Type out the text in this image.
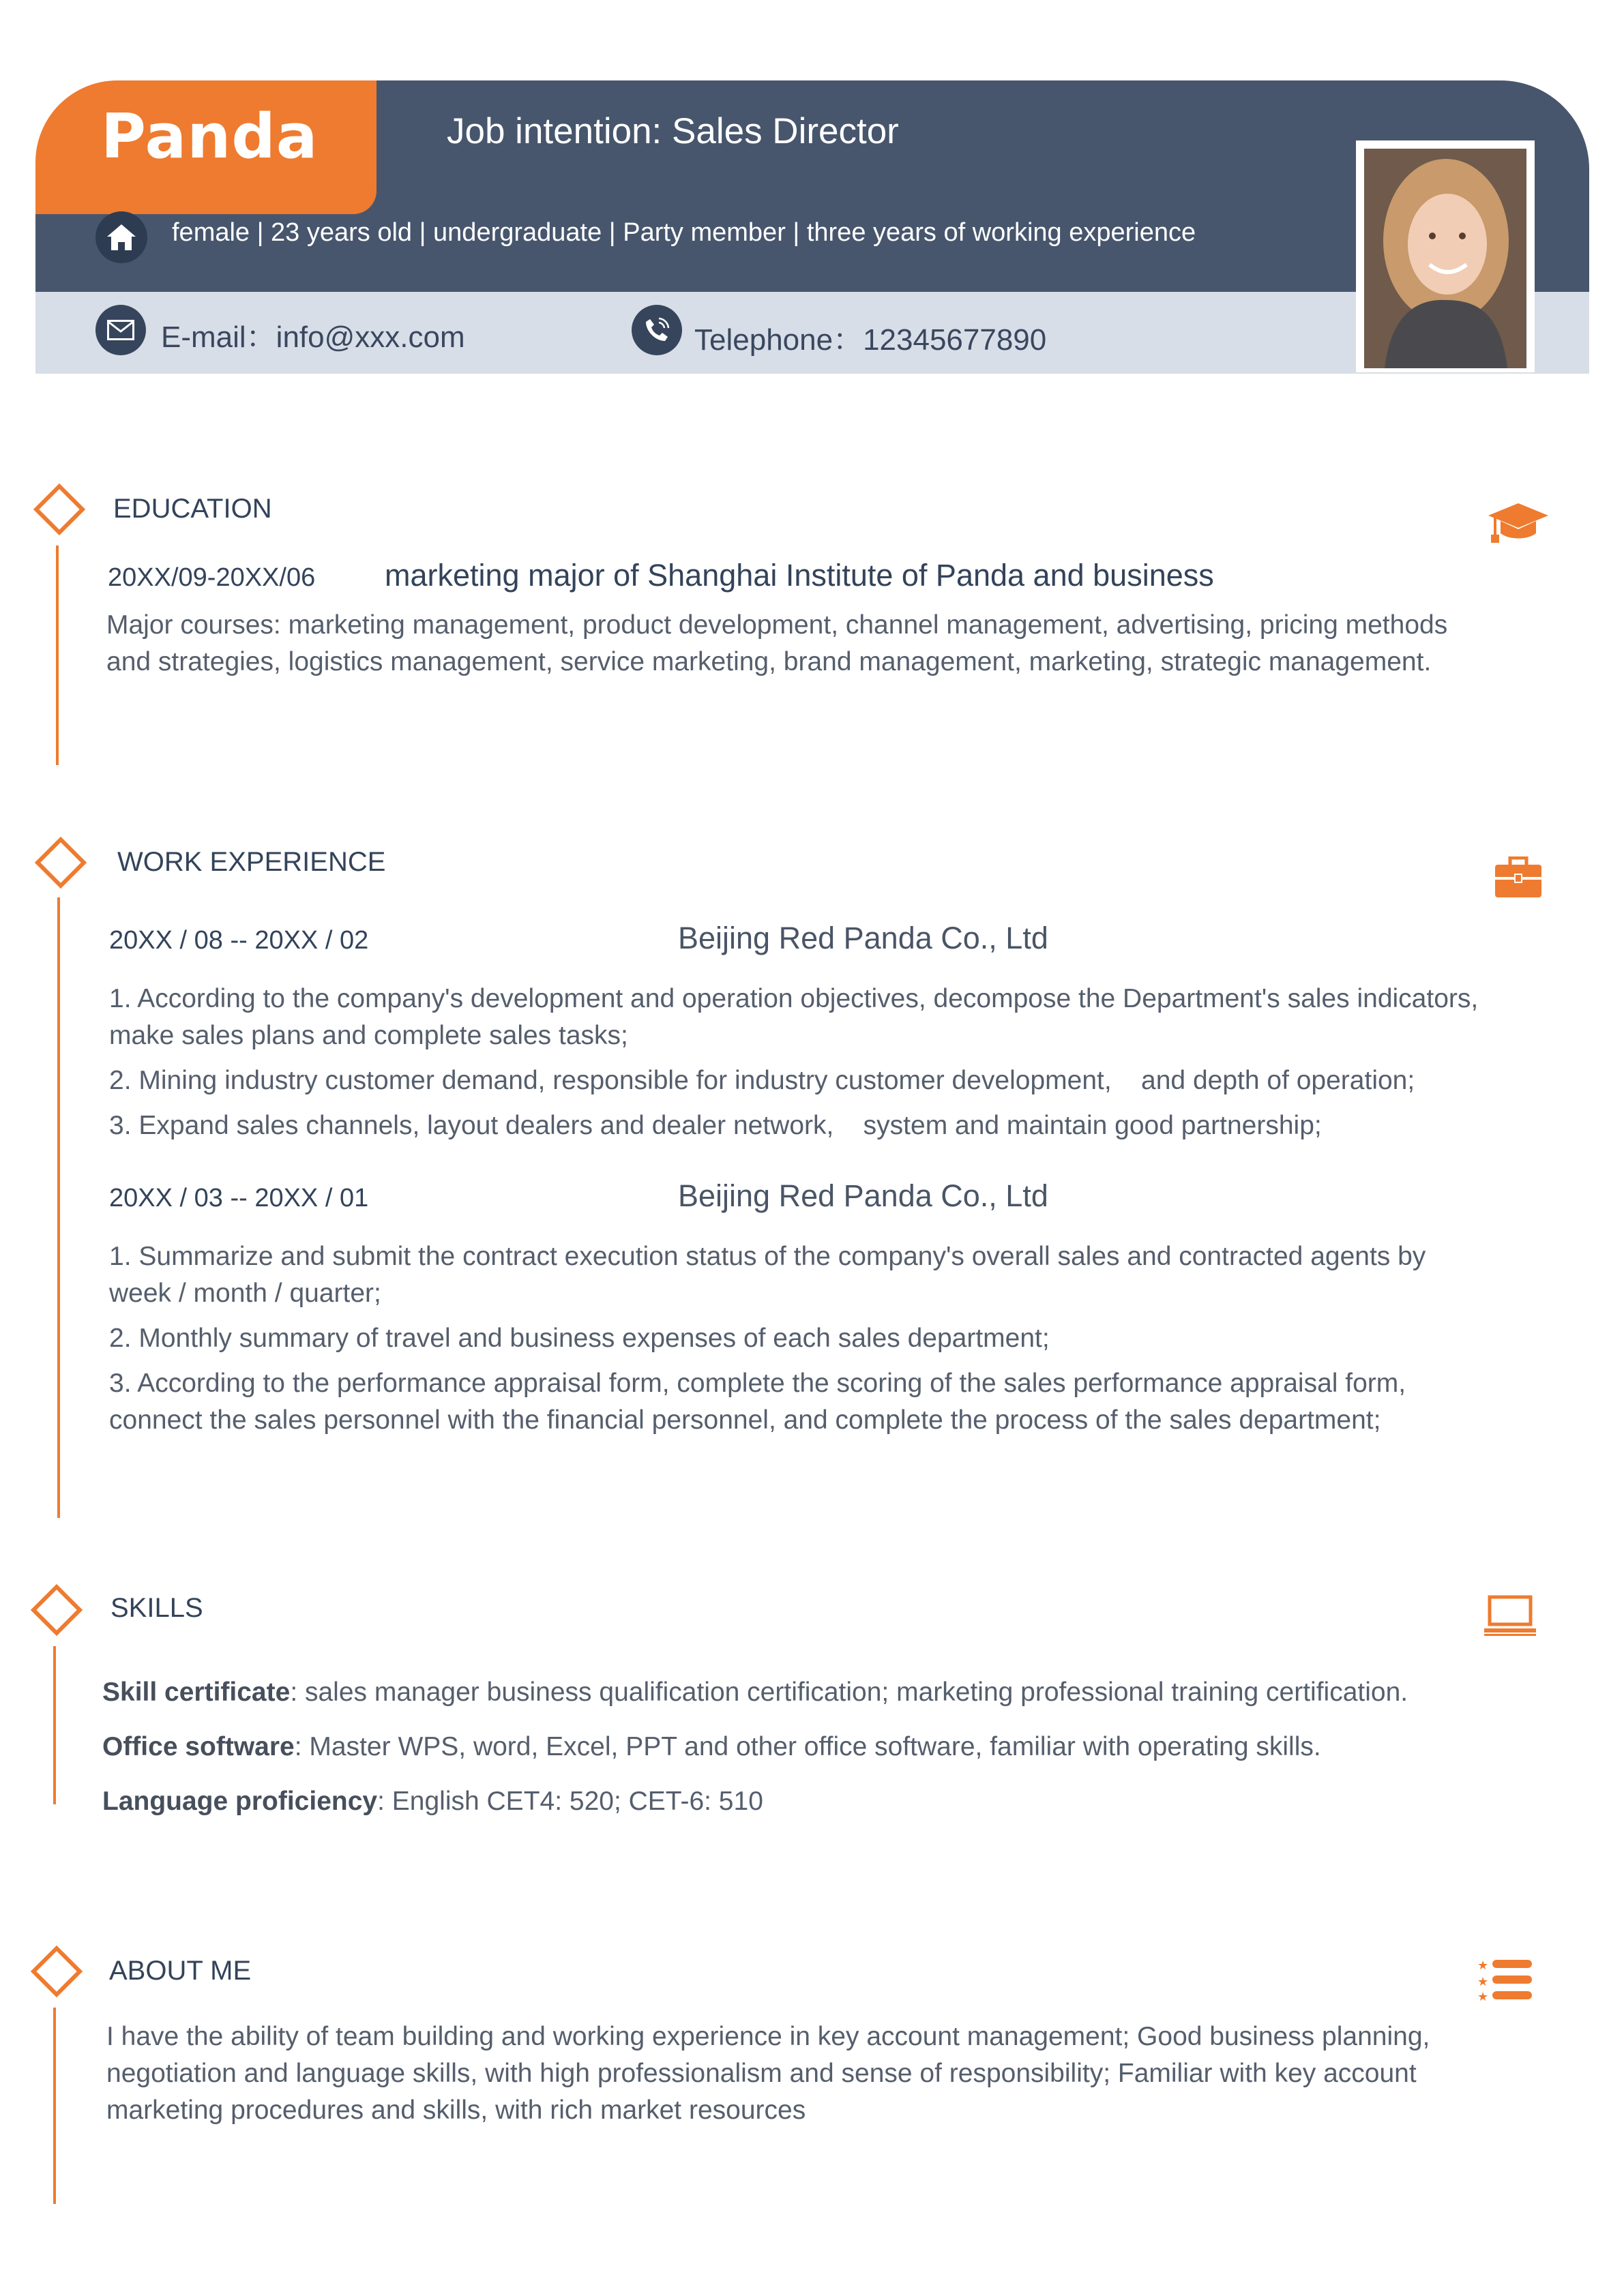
Panda	Job intention: Sales Director
female | 23 years old | undergraduate | Party member | three years of working experience
E-mail：info@xxx.com	Telephone：12345677890
EDUCATION
20XX/09-20XX/06 marketing major of Shanghai Institute of Panda and business
Major courses: marketing management, product development, channel management, advertising, pricing methods
and strategies, logistics management, service marketing, brand management, marketing, strategic management.
WORK EXPERIENCE
20XX / 08 -- 20XX / 02	Beijing Red Panda Co., Ltd
1. According to the company's development and operation objectives, decompose the Department's sales indicators,
make sales plans and complete sales tasks;
2. Mining industry customer demand, responsible for industry customer development,    and depth of operation;
3. Expand sales channels, layout dealers and dealer network,    system and maintain good partnership;
20XX / 03 -- 20XX / 01	Beijing Red Panda Co., Ltd
1. Summarize and submit the contract execution status of the company's overall sales and contracted agents by
week / month / quarter;
2. Monthly summary of travel and business expenses of each sales department;
3. According to the performance appraisal form, complete the scoring of the sales performance appraisal form,
connect the sales personnel with the financial personnel, and complete the process of the sales department;
SKILLS
Skill certificate: sales manager business qualification certification; marketing professional training certification.
Office software: Master WPS, word, Excel, PPT and other office software, familiar with operating skills.
Language proficiency: English CET4: 520; CET-6: 510
ABOUT ME	★
★
★
I have the ability of team building and working experience in key account management; Good business planning,
negotiation and language skills, with high professionalism and sense of responsibility; Familiar with key account
marketing procedures and skills, with rich market resources
